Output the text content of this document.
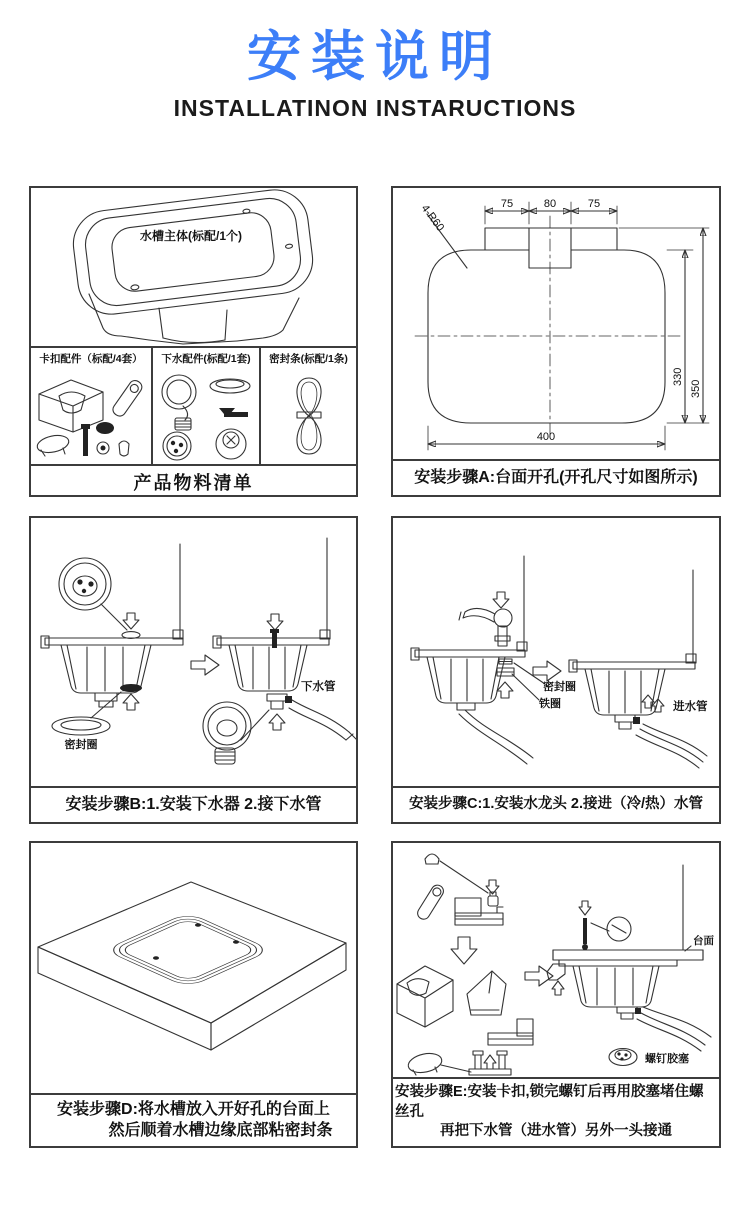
安装说明
INSTALLATINON INSTARUCTIONS
水槽主体(标配/1个)
卡扣配件（标配/4套）	下水配件(标配/1套)	密封条(标配/1条)
产品物料清单
75	80	75
4-R60
330
350
400
安装步骤A:台面开孔(开孔尺寸如图所示)
密封圈
下水管
安装步骤B:1.安装下水器 2.接下水管
密封圈
铁圈	进水管
安装步骤C:1.安装水龙头 2.接进（冷/热）水管
安装步骤D:将水槽放入开好孔的台面上
然后顺着水槽边缘底部粘密封条
台面
螺钉胶塞
安装步骤E:安装卡扣,锁完螺钉后再用胶塞堵住螺丝孔
再把下水管（进水管）另外一头接通
